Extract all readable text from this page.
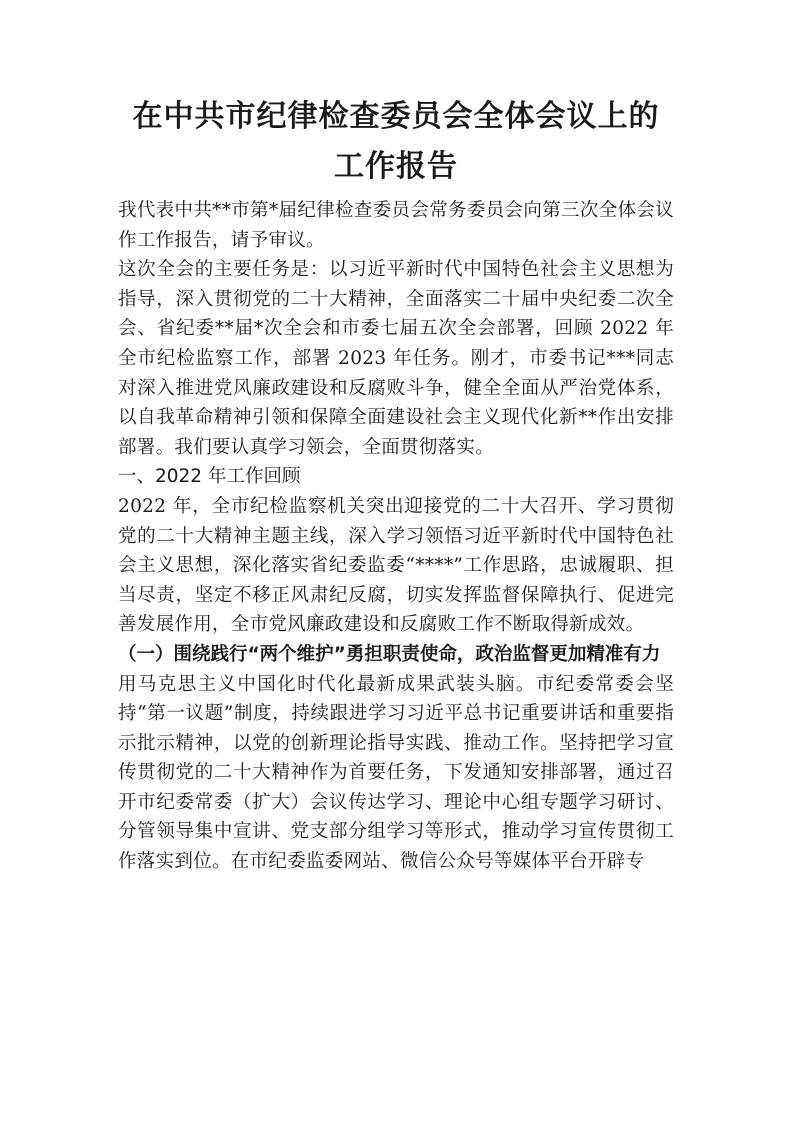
在中共市纪律检查委员会全体会议上的工作报告

我代表中共**市第*届纪律检查委员会常务委员会向第三次全体会议作工作报告，请予审议。

这次全会的主要任务是：以习近平新时代中国特色社会主义思想为指导，深入贯彻党的二十大精神，全面落实二十届中央纪委二次全会、省纪委**届*次全会和市委七届五次全会部署，回顾 2022 年全市纪检监察工作，部署 2023 年任务。刚才，市委书记***同志对深入推进党风廉政建设和反腐败斗争，健全全面从严治党体系，以自我革命精神引领和保障全面建设社会主义现代化新**作出安排部署。我们要认真学习领会，全面贯彻落实。

一、2022 年工作回顾

2022 年，全市纪检监察机关突出迎接党的二十大召开、学习贯彻党的二十大精神主题主线，深入学习领悟习近平新时代中国特色社会主义思想，深化落实省纪委监委“****”工作思路，忠诚履职、担当尽责，坚定不移正风肃纪反腐，切实发挥监督保障执行、促进完善发展作用，全市党风廉政建设和反腐败工作不断取得新成效。

（一）围绕践行“两个维护”勇担职责使命，政治监督更加精准有力

用马克思主义中国化时代化最新成果武装头脑。市纪委常委会坚持“第一议题”制度，持续跟进学习习近平总书记重要讲话和重要指示批示精神，以党的创新理论指导实践、推动工作。坚持把学习宣传贯彻党的二十大精神作为首要任务，下发通知安排部署，通过召开市纪委常委（扩大）会议传达学习、理论中心组专题学习研讨、分管领导集中宣讲、党支部分组学习等形式，推动学习宣传贯彻工作落实到位。在市纪委监委网站、微信公众号等媒体平台开辟专
